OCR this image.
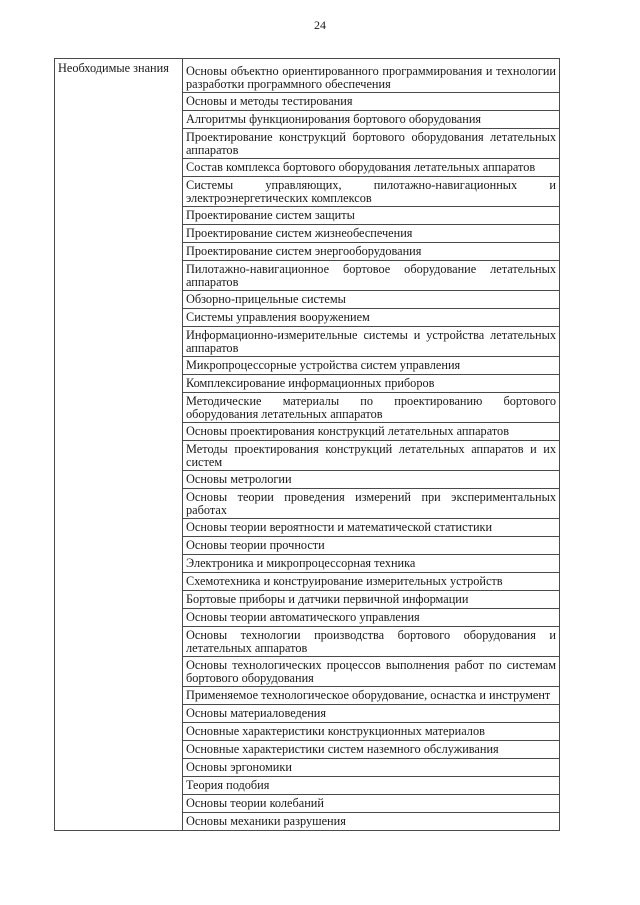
24
Необходимые знания	Основы объектно ориентированного программирования и технологии разработки программного обеспечения
Основы и методы тестирования
Алгоритмы функционирования бортового оборудования
Проектирование конструкций бортового оборудования летательных аппаратов
Состав комплекса бортового оборудования летательных аппаратов
Системы управляющих, пилотажно-навигационных и электроэнергетических комплексов
Проектирование систем защиты
Проектирование систем жизнеобеспечения
Проектирование систем энергооборудования
Пилотажно-навигационное бортовое оборудование летательных аппаратов
Обзорно-прицельные системы
Системы управления вооружением
Информационно-измерительные системы и устройства летательных аппаратов
Микропроцессорные устройства систем управления
Комплексирование информационных приборов
Методические материалы по проектированию бортового оборудования летательных аппаратов
Основы проектирования конструкций летательных аппаратов
Методы проектирования конструкций летательных аппаратов и их систем
Основы метрологии
Основы теории проведения измерений при экспериментальных работах
Основы теории вероятности и математической статистики
Основы теории прочности
Электроника и микропроцессорная техника
Схемотехника и конструирование измерительных устройств
Бортовые приборы и датчики первичной информации
Основы теории автоматического управления
Основы технологии производства бортового оборудования и летательных аппаратов
Основы технологических процессов выполнения работ по системам бортового оборудования
Применяемое технологическое оборудование, оснастка и инструмент
Основы материаловедения
Основные характеристики конструкционных материалов
Основные характеристики систем наземного обслуживания
Основы эргономики
Теория подобия
Основы теории колебаний
Основы механики разрушения
